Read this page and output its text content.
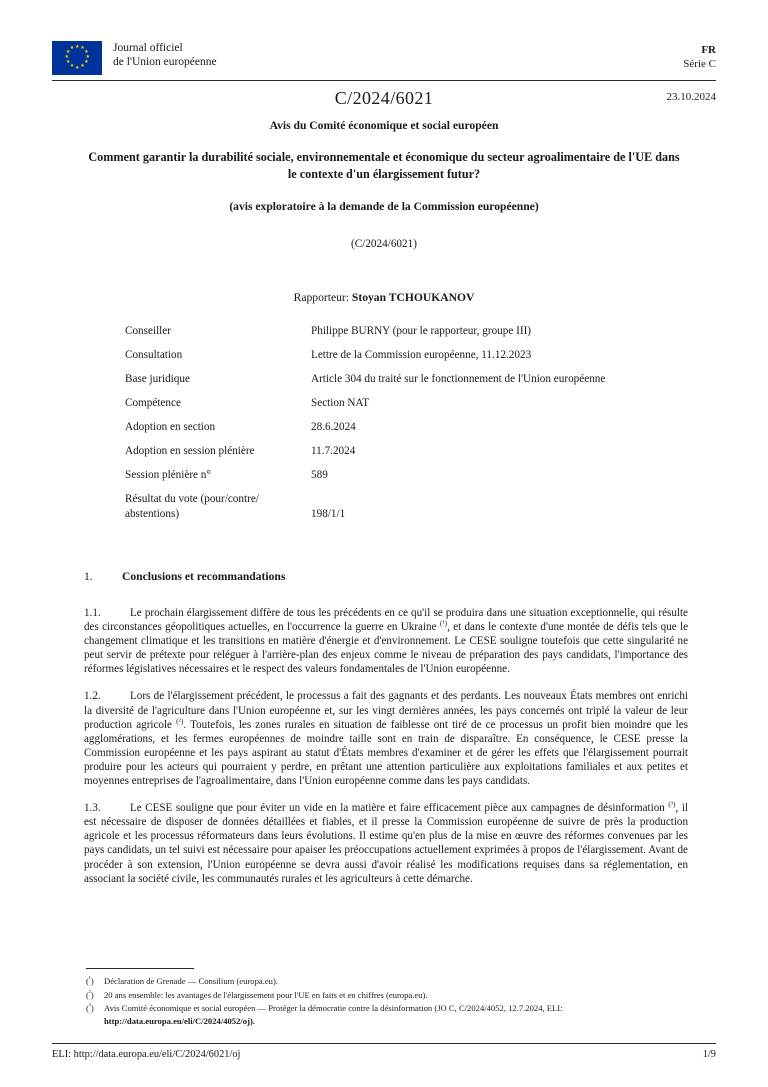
★ ★
★
★
★
★
★
★
★
★
★
★	Journal officiel
de l'Union européenne
FR
Série C
C/2024/6021	23.10.2024
Avis du Comité économique et social européen
Comment garantir la durabilité sociale, environnementale et économique du secteur agroalimentaire de l'UE dans le contexte d'un élargissement futur?
(avis exploratoire à la demande de la Commission européenne)
(C/2024/6021)
Rapporteur: Stoyan TCHOUKANOV
Conseiller	Philippe BURNY (pour le rapporteur, groupe III)
Consultation	Lettre de la Commission européenne, 11.12.2023
Base juridique	Article 304 du traité sur le fonctionnement de l'Union européenne
Compétence	Section NAT
Adoption en section	28.6.2024
Adoption en session plénière	11.7.2024
Session plénière n°	589
Résultat du vote (pour/contre/ abstentions)	198/1/1
1.	Conclusions et recommandations
1.1.	Le prochain élargissement diffère de tous les précédents en ce qu'il se produira dans une situation exceptionnelle, qui résulte des circonstances géopolitiques actuelles, en l'occurrence la guerre en Ukraine $^{(^1)}$, et dans le contexte d'une montée de défis tels que le changement climatique et les transitions en matière d'énergie et d'environnement. Le CESE souligne toutefois que cette singularité ne peut servir de prétexte pour reléguer à l'arrière-plan des enjeux comme le niveau de préparation des pays candidats, l'importance des réformes législatives nécessaires et le respect des valeurs fondamentales de l'Union européenne.
1.2.	Lors de l'élargissement précédent, le processus a fait des gagnants et des perdants. Les nouveaux États membres ont enrichi la diversité de l'agriculture dans l'Union européenne et, sur les vingt dernières années, les pays concernés ont triplé la valeur de leur production agricole $^{(^2)}$. Toutefois, les zones rurales en situation de faiblesse ont tiré de ce processus un profit bien moindre que les agglomérations, et les fermes européennes de moindre taille sont en train de disparaître. En conséquence, le CESE presse la Commission européenne et les pays aspirant au statut d'États membres d'examiner et de gérer les effets que l'élargissement pourrait produire pour les acteurs qui pourraient y perdre, en prêtant une attention particulière aux exploitations familiales et aux petites et moyennes entreprises de l'agroalimentaire, dans l'Union européenne comme dans les pays candidats.
1.3.	Le CESE souligne que pour éviter un vide en la matière et faire efficacement pièce aux campagnes de désinformation $^{(^3)}$, il est nécessaire de disposer de données détaillées et fiables, et il presse la Commission européenne de suivre de près la production agricole et les processus réformateurs dans leurs évolutions. Il estime qu'en plus de la mise en œuvre des réformes convenues par les pays candidats, un tel suivi est nécessaire pour apaiser les préoccupations actuellement exprimées à propos de l'élargissement. Avant de procéder à son extension, l'Union européenne se devra aussi d'avoir réalisé les modifications requises dans sa réglementation, en associant la société civile, les communautés rurales et les agriculteurs à cette démarche.
($^{^1}$)	Déclaration de Grenade — Consilium (europa.eu).
($^{^2}$)	20 ans ensemble: les avantages de l'élargissement pour l'UE en faits et en chiffres (europa.eu).
($^{^3}$)	Avis Comité économique et social européen — Protéger la démocratie contre la désinformation (JO C, C/2024/4052, 12.7.2024, ELI:
http://data.europa.eu/eli/C/2024/4052/oj).
ELI: http://data.europa.eu/eli/C/2024/6021/oj	1/9
